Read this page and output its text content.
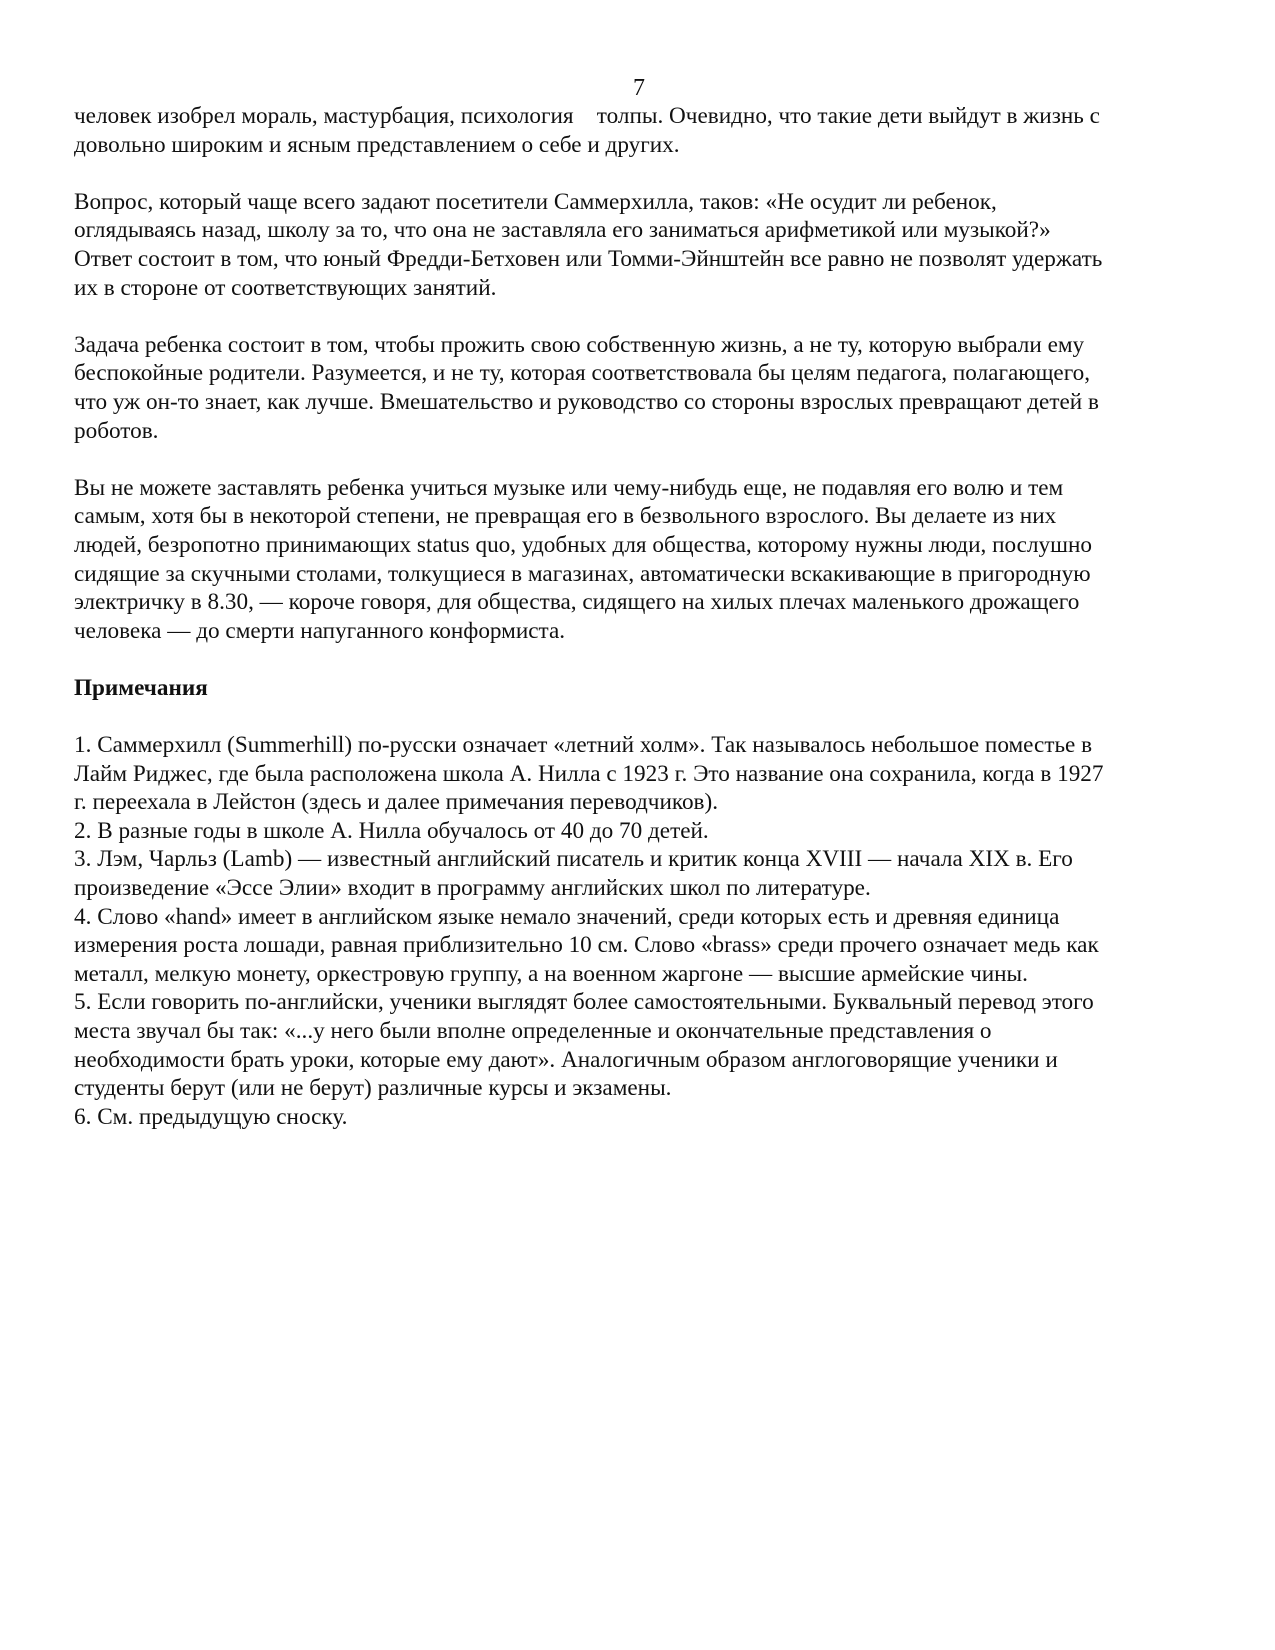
7

человек изобрел мораль, мастурбация, психология    толпы. Очевидно, что такие дети выйдут в жизнь с
довольно широким и ясным представлением о себе и других.

Вопрос, который чаще всего задают посетители Саммерхилла, таков: «Не осудит ли ребенок,
оглядываясь назад, школу за то, что она не заставляла его заниматься арифметикой или музыкой?»
Ответ состоит в том, что юный Фредди-Бетховен или Томми-Эйнштейн все равно не позволят удержать
их в стороне от соответствующих занятий.

Задача ребенка состоит в том, чтобы прожить свою собственную жизнь, а не ту, которую выбрали ему
беспокойные родители. Разумеется, и не ту, которая соответствовала бы целям педагога, полагающего,
что уж он-то знает, как лучше. Вмешательство и руководство со стороны взрослых превращают детей в
роботов.

Вы не можете заставлять ребенка учиться музыке или чему-нибудь еще, не подавляя его волю и тем
самым, хотя бы в некоторой степени, не превращая его в безвольного взрослого. Вы делаете из них
людей, безропотно принимающих status quo, удобных для общества, которому нужны люди, послушно
сидящие за скучными столами, толкущиеся в магазинах, автоматически вскакивающие в пригородную
электричку в 8.30, — короче говоря, для общества, сидящего на хилых плечах маленького дрожащего
человека — до смерти напуганного конформиста.

Примечания

1. Саммерхилл (Summerhill) по-русски означает «летний холм». Так называлось небольшое поместье в
Лайм Риджес, где была расположена школа А. Нилла с 1923 г. Это название она сохранила, когда в 1927
г. переехала в Лейстон (здесь и далее примечания переводчиков).
2. В разные годы в школе А. Нилла обучалось от 40 до 70 детей.
3. Лэм, Чарльз (Lamb) — известный английский писатель и критик конца XVIII — начала XIX в. Его
произведение «Эссе Элии» входит в программу английских школ по литературе.
4. Слово «hand» имеет в английском языке немало значений, среди которых есть и древняя единица
измерения роста лошади, равная приблизительно 10 см. Слово «brass» среди прочего означает медь как
металл, мелкую монету, оркестровую группу, а на военном жаргоне — высшие армейские чины.
5. Если говорить по-английски, ученики выглядят более самостоятельными. Буквальный перевод этого
места звучал бы так: «...у него были вполне определенные и окончательные представления о
необходимости брать уроки, которые ему дают». Аналогичным образом англоговорящие ученики и
студенты берут (или не берут) различные курсы и экзамены.
6. См. предыдущую сноску.
